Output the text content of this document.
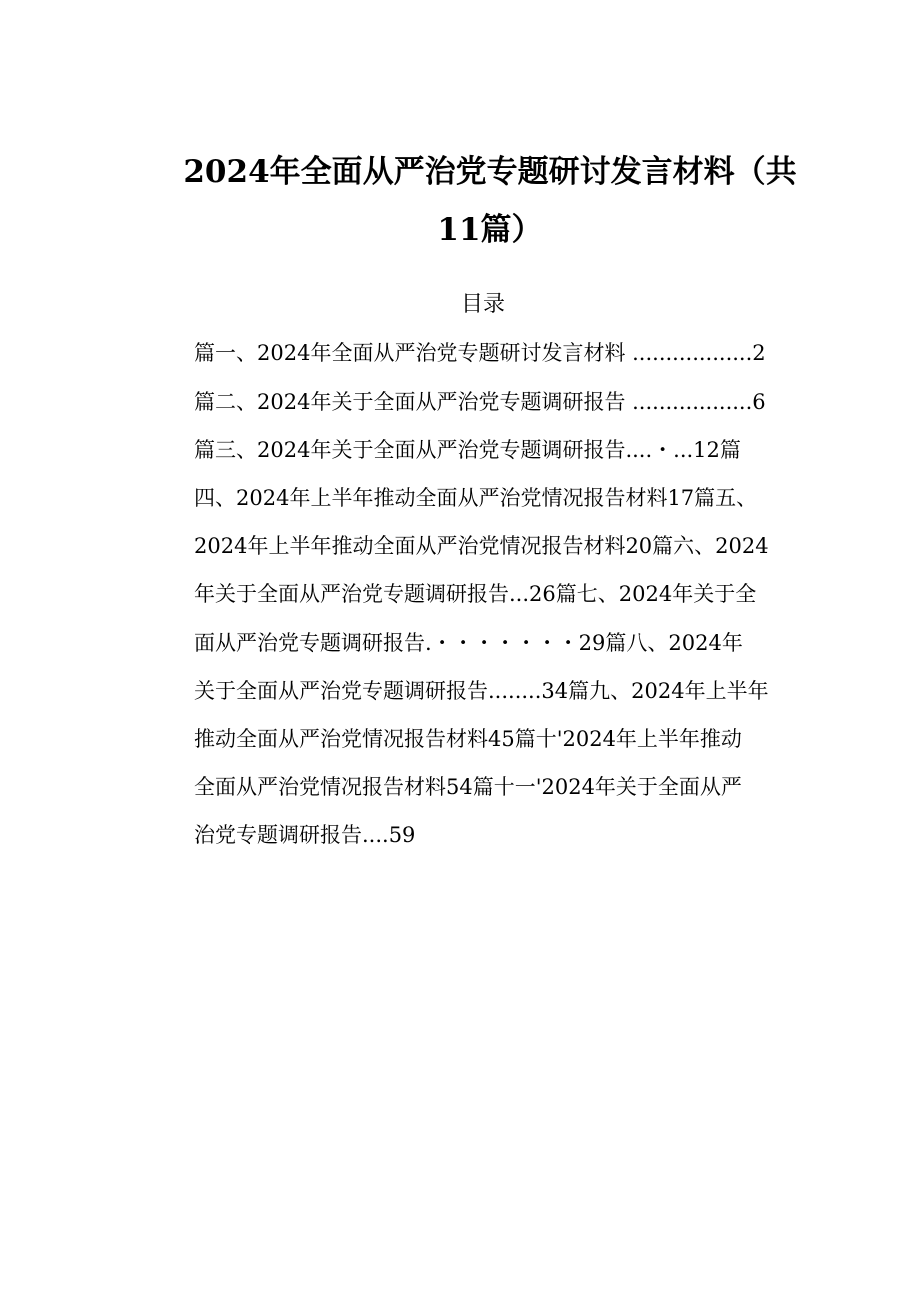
2024年全面从严治党专题研讨发言材料（共
11篇）
目录
篇一、2024年全面从严治党专题研讨发言材料 ..................2
篇二、2024年关于全面从严治党专题调研报告 ..................6
篇三、2024年关于全面从严治党专题调研报告....・...12篇
四、2024年上半年推动全面从严治党情况报告材料17篇五、
2024年上半年推动全面从严治党情况报告材料20篇六、2024
年关于全面从严治党专题调研报告...26篇七、2024年关于全
面从严治党专题调研报告.・・・・・・・29篇八、2024年
关于全面从严治党专题调研报告........34篇九、2024年上半年
推动全面从严治党情况报告材料45篇十'2024年上半年推动
全面从严治党情况报告材料54篇十一'2024年关于全面从严
治党专题调研报告....59
